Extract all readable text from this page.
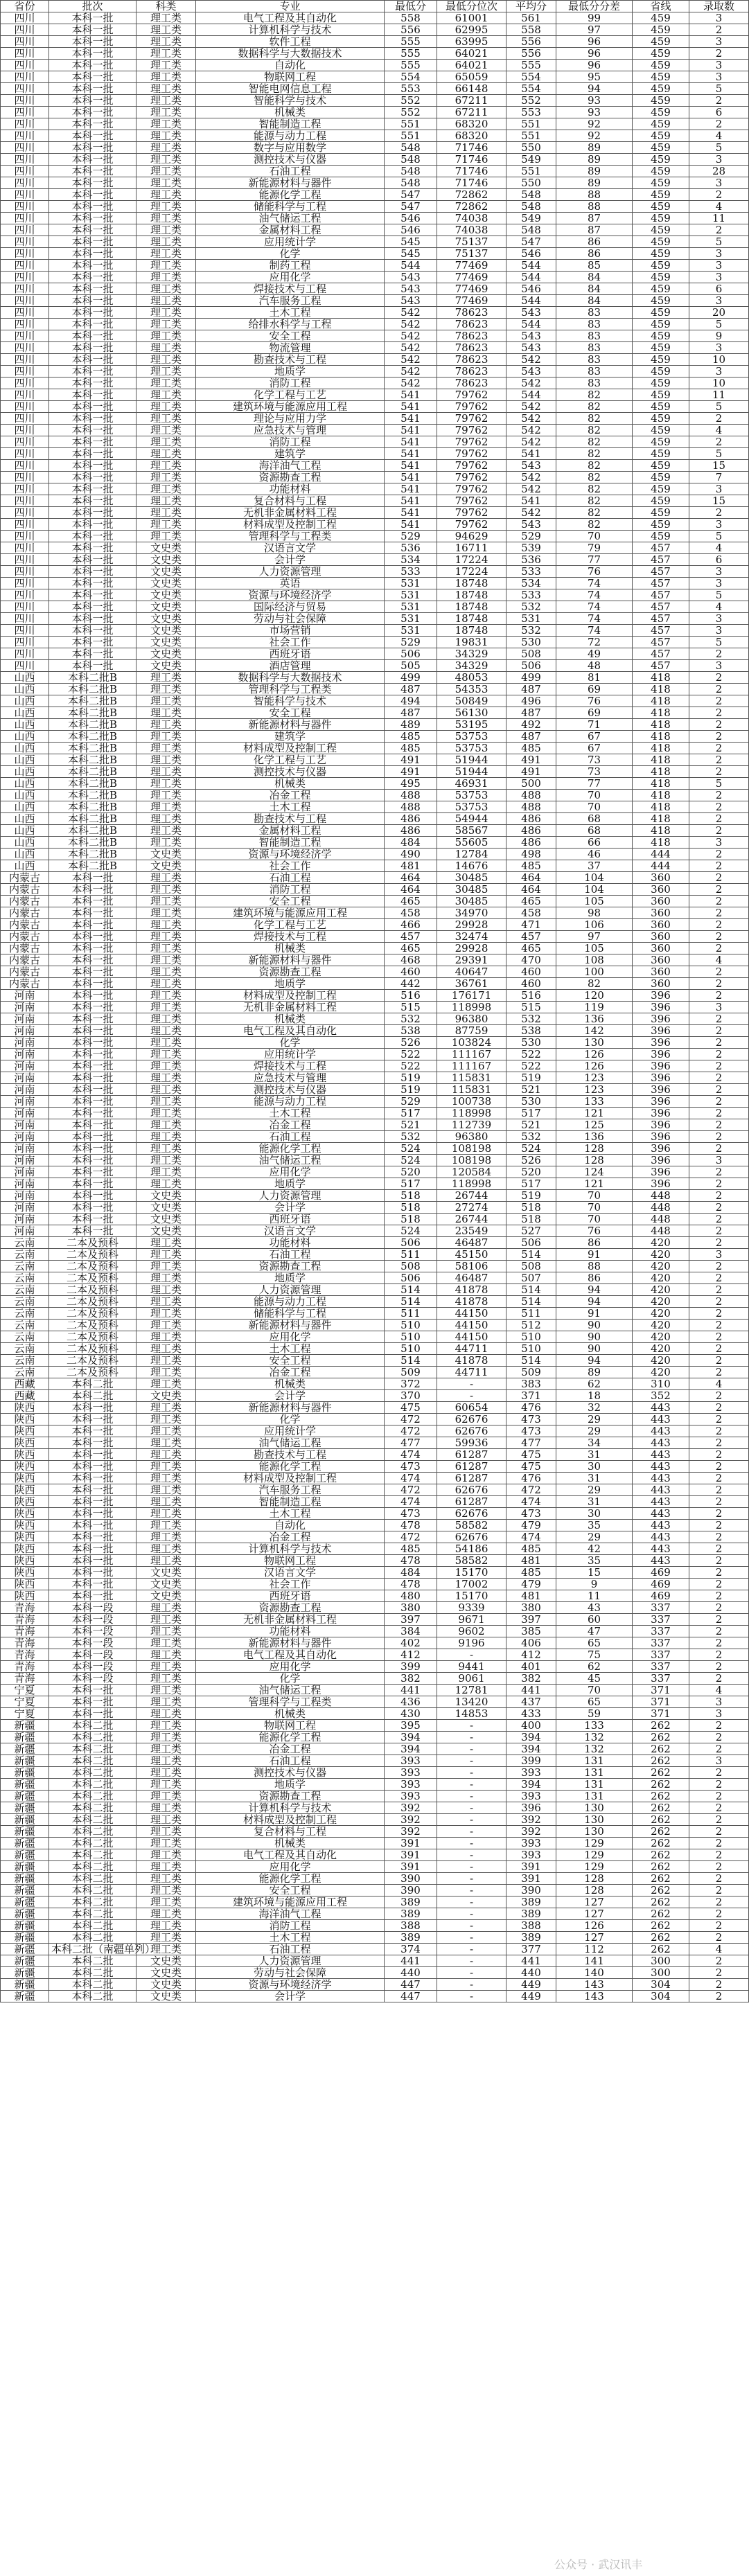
省份	批次	科类	专业	最低分	最低分位次	平均分	最低分分差	省线	录取数
四川	本科一批	理工类	电气工程及其自动化	558	61001	561	99	459	3
四川	本科一批	理工类	计算机科学与技术	556	62995	558	97	459	2
四川	本科一批	理工类	软件工程	555	63995	556	96	459	3
四川	本科一批	理工类	数据科学与大数据技术	555	64021	556	96	459	2
四川	本科一批	理工类	自动化	555	64021	555	96	459	3
四川	本科一批	理工类	物联网工程	554	65059	554	95	459	3
四川	本科一批	理工类	智能电网信息工程	553	66148	554	94	459	5
四川	本科一批	理工类	智能科学与技术	552	67211	552	93	459	2
四川	本科一批	理工类	机械类	552	67211	553	93	459	6
四川	本科一批	理工类	智能制造工程	551	68320	551	92	459	2
四川	本科一批	理工类	能源与动力工程	551	68320	551	92	459	4
四川	本科一批	理工类	数字与应用数学	548	71746	550	89	459	5
四川	本科一批	理工类	测控技术与仪器	548	71746	549	89	459	3
四川	本科一批	理工类	石油工程	548	71746	551	89	459	28
四川	本科一批	理工类	新能源材料与器件	548	71746	550	89	459	3
四川	本科一批	理工类	能源化学工程	547	72862	548	88	459	2
四川	本科一批	理工类	储能科学与工程	547	72862	548	88	459	4
四川	本科一批	理工类	油气储运工程	546	74038	549	87	459	11
四川	本科一批	理工类	金属材料工程	546	74038	548	87	459	2
四川	本科一批	理工类	应用统计学	545	75137	547	86	459	5
四川	本科一批	理工类	化学	545	75137	546	86	459	3
四川	本科一批	理工类	制药工程	544	77469	544	85	459	3
四川	本科一批	理工类	应用化学	543	77469	544	84	459	3
四川	本科一批	理工类	焊接技术与工程	543	77469	546	84	459	6
四川	本科一批	理工类	汽车服务工程	543	77469	544	84	459	3
四川	本科一批	理工类	土木工程	542	78623	543	83	459	20
四川	本科一批	理工类	给排水科学与工程	542	78623	544	83	459	5
四川	本科一批	理工类	安全工程	542	78623	543	83	459	9
四川	本科一批	理工类	物流管理	542	78623	543	83	459	3
四川	本科一批	理工类	勘查技术与工程	542	78623	542	83	459	10
四川	本科一批	理工类	地质学	542	78623	543	83	459	3
四川	本科一批	理工类	消防工程	542	78623	542	83	459	10
四川	本科一批	理工类	化学工程与工艺	541	79762	544	82	459	11
四川	本科一批	理工类	建筑环境与能源应用工程	541	79762	542	82	459	5
四川	本科一批	理工类	理论与应用力学	541	79762	542	82	459	2
四川	本科一批	理工类	应急技术与管理	541	79762	542	82	459	4
四川	本科一批	理工类	消防工程	541	79762	542	82	459	2
四川	本科一批	理工类	建筑学	541	79762	541	82	459	5
四川	本科一批	理工类	海洋油气工程	541	79762	543	82	459	15
四川	本科一批	理工类	资源勘查工程	541	79762	542	82	459	7
四川	本科一批	理工类	功能材料	541	79762	542	82	459	3
四川	本科一批	理工类	复合材料与工程	541	79762	541	82	459	15
四川	本科一批	理工类	无机非金属材料工程	541	79762	542	82	459	2
四川	本科一批	理工类	材料成型及控制工程	541	79762	543	82	459	3
四川	本科一批	理工类	管理科学与工程类	529	94629	529	70	459	5
四川	本科一批	文史类	汉语言文学	536	16711	539	79	457	4
四川	本科一批	文史类	会计学	534	17224	536	77	457	6
四川	本科一批	文史类	人力资源管理	533	17224	533	76	457	3
四川	本科一批	文史类	英语	531	18748	534	74	457	3
四川	本科一批	文史类	资源与环境经济学	531	18748	533	74	457	5
四川	本科一批	文史类	国际经济与贸易	531	18748	532	74	457	4
四川	本科一批	文史类	劳动与社会保障	531	18748	531	74	457	3
四川	本科一批	文史类	市场营销	531	18748	532	74	457	3
四川	本科一批	文史类	社会工作	529	19831	530	72	457	5
四川	本科一批	文史类	西班牙语	506	34329	508	49	457	2
四川	本科一批	文史类	酒店管理	505	34329	506	48	457	3
山西	本科二批B	理工类	数据科学与大数据技术	499	48053	499	81	418	2
山西	本科二批B	理工类	管理科学与工程类	487	54353	487	69	418	2
山西	本科二批B	理工类	智能科学与技术	494	50849	496	76	418	2
山西	本科二批B	理工类	安全工程	487	56130	487	69	418	2
山西	本科二批B	理工类	新能源材料与器件	489	53195	492	71	418	2
山西	本科二批B	理工类	建筑学	485	53753	487	67	418	2
山西	本科二批B	理工类	材料成型及控制工程	485	53753	485	67	418	2
山西	本科二批B	理工类	化学工程与工艺	491	51944	491	73	418	2
山西	本科二批B	理工类	测控技术与仪器	491	51944	491	73	418	2
山西	本科二批B	理工类	机械类	495	46931	500	77	418	5
山西	本科二批B	理工类	冶金工程	488	53753	488	70	418	2
山西	本科二批B	理工类	土木工程	488	53753	488	70	418	2
山西	本科二批B	理工类	勘查技术与工程	486	54944	486	68	418	2
山西	本科二批B	理工类	金属材料工程	486	58567	486	68	418	2
山西	本科二批B	理工类	智能制造工程	484	55605	486	66	418	3
山西	本科二批B	文史类	资源与环境经济学	490	12784	498	46	444	2
山西	本科二批B	文史类	社会工作	481	14676	485	37	444	2
内蒙古	本科一批	理工类	石油工程	464	30485	464	104	360	2
内蒙古	本科一批	理工类	消防工程	464	30485	464	104	360	2
内蒙古	本科一批	理工类	安全工程	465	30485	465	105	360	2
内蒙古	本科一批	理工类	建筑环境与能源应用工程	458	34970	458	98	360	2
内蒙古	本科一批	理工类	化学工程与工艺	466	29928	471	106	360	2
内蒙古	本科一批	理工类	焊接技术与工程	457	32474	457	97	360	2
内蒙古	本科一批	理工类	机械类	465	29928	465	105	360	2
内蒙古	本科一批	理工类	新能源材料与器件	468	29391	470	108	360	4
内蒙古	本科一批	理工类	资源勘查工程	460	40647	460	100	360	2
内蒙古	本科一批	理工类	地质学	442	36761	460	82	360	2
河南	本科一批	理工类	材料成型及控制工程	516	176171	516	120	396	2
河南	本科一批	理工类	无机非金属材料工程	515	118998	515	119	396	3
河南	本科一批	理工类	机械类	532	96380	532	136	396	2
河南	本科一批	理工类	电气工程及其自动化	538	87759	538	142	396	2
河南	本科一批	理工类	化学	526	103824	530	130	396	2
河南	本科一批	理工类	应用统计学	522	111167	522	126	396	2
河南	本科一批	理工类	焊接技术与工程	522	111167	522	126	396	2
河南	本科一批	理工类	应急技术与管理	519	115831	519	123	396	2
河南	本科一批	理工类	测控技术与仪器	519	115831	521	123	396	2
河南	本科一批	理工类	能源与动力工程	529	100738	530	133	396	2
河南	本科一批	理工类	土木工程	517	118998	517	121	396	2
河南	本科一批	理工类	冶金工程	521	112739	521	125	396	2
河南	本科一批	理工类	石油工程	532	96380	532	136	396	2
河南	本科一批	理工类	能源化学工程	524	108198	524	128	396	2
河南	本科一批	理工类	油气储运工程	524	108198	526	128	396	3
河南	本科一批	理工类	应用化学	520	120584	520	124	396	2
河南	本科一批	理工类	地质学	517	118998	517	121	396	2
河南	本科一批	文史类	人力资源管理	518	26744	519	70	448	2
河南	本科一批	文史类	会计学	518	27274	518	70	448	2
河南	本科一批	文史类	西班牙语	518	26744	518	70	448	2
河南	本科一批	文史类	汉语言文学	524	23549	527	76	448	2
云南	二本及预科	理工类	功能材料	506	46487	506	86	420	2
云南	二本及预科	理工类	石油工程	511	45150	514	91	420	3
云南	二本及预科	理工类	资源勘查工程	508	58106	508	88	420	2
云南	二本及预科	理工类	地质学	506	46487	507	86	420	2
云南	二本及预科	理工类	人力资源管理	514	41878	514	94	420	2
云南	二本及预科	理工类	能源与动力工程	514	41878	514	94	420	2
云南	二本及预科	理工类	储能科学与工程	511	44150	511	91	420	2
云南	二本及预科	理工类	新能源材料与器件	510	44150	512	90	420	2
云南	二本及预科	理工类	应用化学	510	44150	510	90	420	2
云南	二本及预科	理工类	土木工程	510	44711	510	90	420	2
云南	二本及预科	理工类	安全工程	514	41878	514	94	420	2
云南	二本及预科	理工类	冶金工程	509	44711	509	89	420	2
西藏	本科二批	理工类	机械类	372	-	383	62	310	4
西藏	本科二批	文史类	会计学	370	-	371	18	352	2
陕西	本科一批	理工类	新能源材料与器件	475	60654	476	32	443	2
陕西	本科一批	理工类	化学	472	62676	473	29	443	2
陕西	本科一批	理工类	应用统计学	472	62676	473	29	443	2
陕西	本科一批	理工类	油气储运工程	477	59936	477	34	443	2
陕西	本科一批	理工类	勘查技术与工程	474	61287	475	31	443	2
陕西	本科一批	理工类	能源化学工程	473	61287	475	30	443	2
陕西	本科一批	理工类	材料成型及控制工程	474	61287	476	31	443	2
陕西	本科一批	理工类	汽车服务工程	472	62676	472	29	443	2
陕西	本科一批	理工类	智能制造工程	474	61287	474	31	443	2
陕西	本科一批	理工类	土木工程	473	62676	473	30	443	2
陕西	本科一批	理工类	自动化	478	58582	479	35	443	2
陕西	本科一批	理工类	冶金工程	472	62676	474	29	443	2
陕西	本科一批	理工类	计算机科学与技术	485	54186	485	42	443	2
陕西	本科一批	理工类	物联网工程	478	58582	481	35	443	2
陕西	本科一批	文史类	汉语言文学	484	15170	485	15	469	2
陕西	本科一批	文史类	社会工作	478	17002	479	9	469	2
陕西	本科一批	文史类	西班牙语	480	15170	481	11	469	2
青海	本科一段	理工类	资源勘查工程	380	9339	380	43	337	2
青海	本科一段	理工类	无机非金属材料工程	397	9671	397	60	337	2
青海	本科一段	理工类	功能材料	384	9602	385	47	337	2
青海	本科一段	理工类	新能源材料与器件	402	9196	406	65	337	2
青海	本科一段	理工类	电气工程及其自动化	412	-	412	75	337	2
青海	本科一段	理工类	应用化学	399	9441	401	62	337	2
青海	本科一段	理工类	化学	382	9061	382	45	337	2
宁夏	本科一批	理工类	油气储运工程	441	12781	441	70	371	4
宁夏	本科一批	理工类	管理科学与工程类	436	13420	437	65	371	3
宁夏	本科一批	理工类	机械类	430	14853	433	59	371	3
新疆	本科二批	理工类	物联网工程	395	-	400	133	262	2
新疆	本科二批	理工类	能源化学工程	394	-	394	132	262	2
新疆	本科二批	理工类	冶金工程	394	-	394	132	262	2
新疆	本科二批	理工类	石油工程	393	-	399	131	262	3
新疆	本科二批	理工类	测控技术与仪器	393	-	393	131	262	2
新疆	本科二批	理工类	地质学	393	-	394	131	262	2
新疆	本科二批	理工类	资源勘查工程	393	-	393	131	262	2
新疆	本科二批	理工类	计算机科学与技术	392	-	396	130	262	2
新疆	本科二批	理工类	材料成型及控制工程	392	-	392	130	262	2
新疆	本科二批	理工类	复合材料与工程	392	-	392	130	262	2
新疆	本科二批	理工类	机械类	391	-	393	129	262	2
新疆	本科二批	理工类	电气工程及其自动化	391	-	393	129	262	2
新疆	本科二批	理工类	应用化学	391	-	391	129	262	2
新疆	本科二批	理工类	能源化学工程	390	-	391	128	262	2
新疆	本科二批	理工类	安全工程	390	-	390	128	262	2
新疆	本科二批	理工类	建筑环境与能源应用工程	389	-	389	127	262	2
新疆	本科二批	理工类	海洋油气工程	389	-	389	127	262	2
新疆	本科二批	理工类	消防工程	388	-	388	126	262	2
新疆	本科二批	理工类	土木工程	389	-	389	127	262	2
新疆	本科二批（南疆单列）	理工类	石油工程	374	-	377	112	262	4
新疆	本科二批	文史类	人力资源管理	441	-	441	141	300	2
新疆	本科二批	文史类	劳动与社会保障	440	-	440	140	300	2
新疆	本科二批	文史类	资源与环境经济学	447	-	449	143	304	2
新疆	本科二批	文史类	会计学	447	-	449	143	304	2
公众号 · 武汉讯丰
